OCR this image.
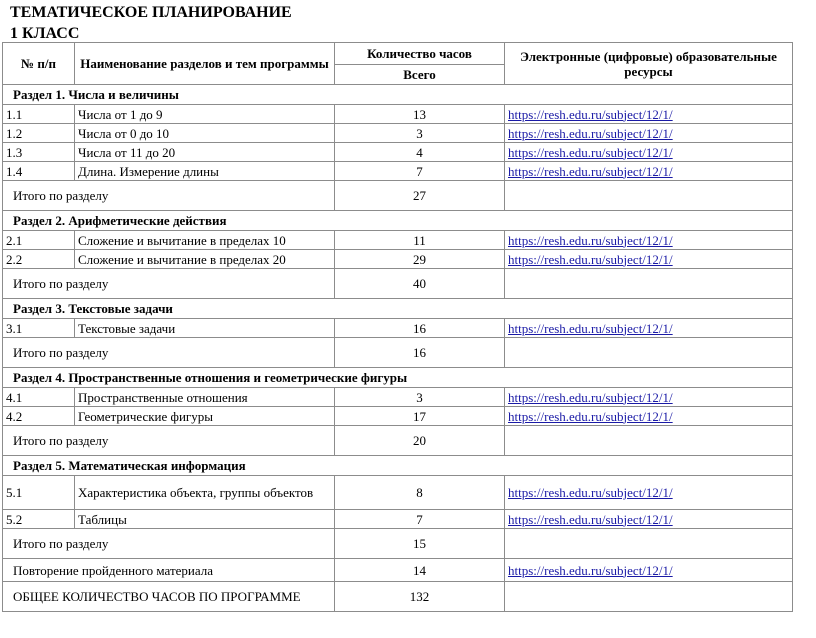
ТЕМАТИЧЕСКОЕ ПЛАНИРОВАНИЕ
1 КЛАСС
№ п/п	Наименование разделов и тем программы	Количество часов	Электронные (цифровые) образовательные ресурсы
		Всего	
Раздел 1. Числа и величины			
1.1	Числа от 1 до 9	13	https://resh.edu.ru/subject/12/1/
1.2	Числа от 0 до 10	3	https://resh.edu.ru/subject/12/1/
1.3	Числа от 11 до 20	4	https://resh.edu.ru/subject/12/1/
1.4	Длина. Измерение длины	7	https://resh.edu.ru/subject/12/1/
Итого по разделу		27	
Раздел 2. Арифметические действия			
2.1	Сложение и вычитание в пределах 10	11	https://resh.edu.ru/subject/12/1/
2.2	Сложение и вычитание в пределах 20	29	https://resh.edu.ru/subject/12/1/
Итого по разделу		40	
Раздел 3. Текстовые задачи			
3.1	Текстовые задачи	16	https://resh.edu.ru/subject/12/1/
Итого по разделу		16	
Раздел 4. Пространственные отношения и геометрические фигуры			
4.1	Пространственные отношения	3	https://resh.edu.ru/subject/12/1/
4.2	Геометрические фигуры	17	https://resh.edu.ru/subject/12/1/
Итого по разделу		20	
Раздел 5. Математическая информация			
5.1	Характеристика объекта, группы объектов	8	https://resh.edu.ru/subject/12/1/
5.2	Таблицы	7	https://resh.edu.ru/subject/12/1/
Итого по разделу		15	
Повторение пройденного материала		14	https://resh.edu.ru/subject/12/1/
ОБЩЕЕ КОЛИЧЕСТВО ЧАСОВ ПО ПРОГРАММЕ		132	
